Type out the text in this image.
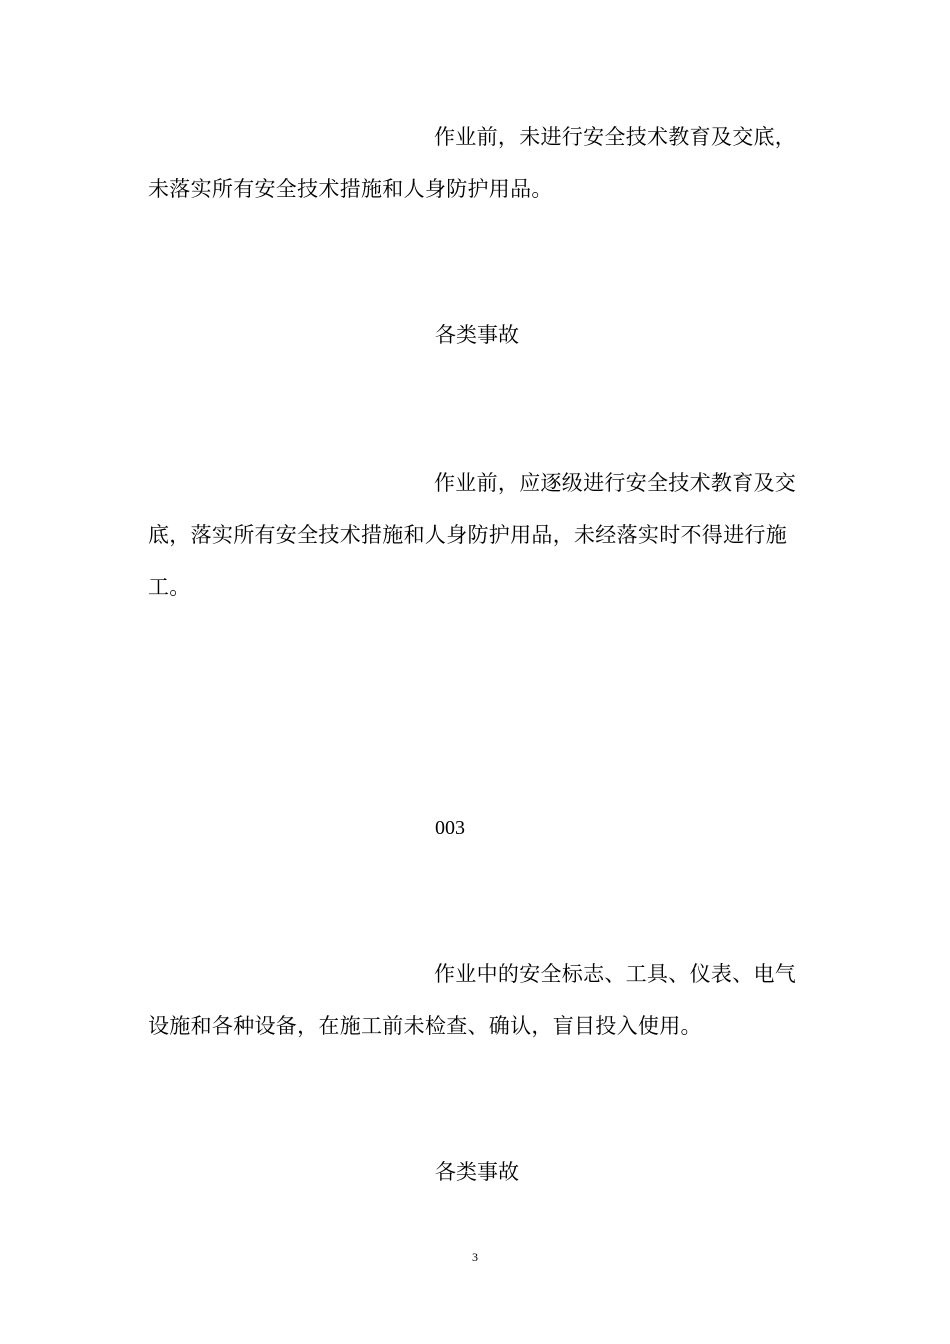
作业前，未进行安全技术教育及交底，未落实所有安全技术措施和人身防护用品。

各类事故

作业前，应逐级进行安全技术教育及交底，落实所有安全技术措施和人身防护用品，未经落实时不得进行施工。

003

作业中的安全标志、工具、仪表、电气设施和各种设备，在施工前未检查、确认，盲目投入使用。

各类事故

3
